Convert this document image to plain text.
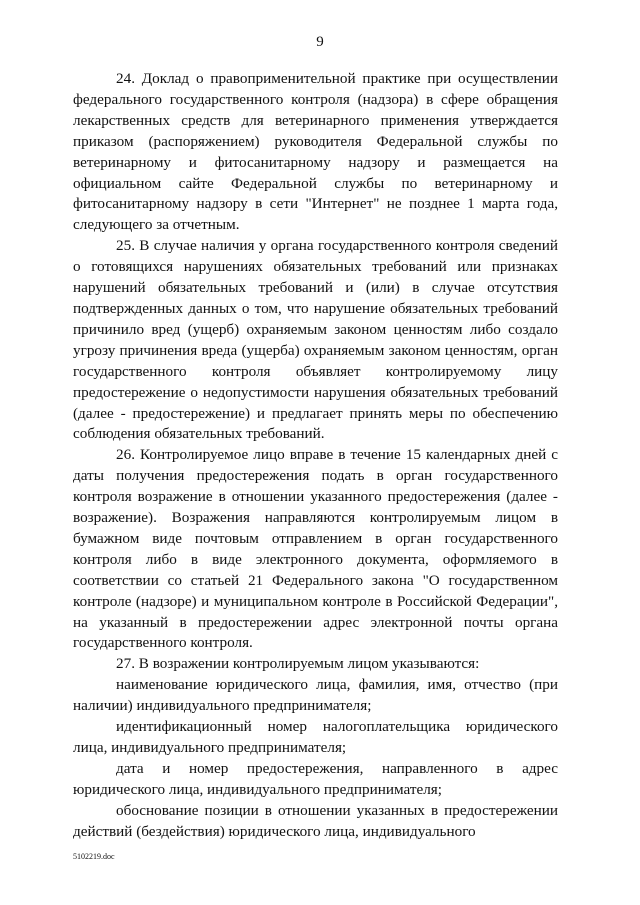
9

24. Доклад о правоприменительной практике при осуществлении федерального государственного контроля (надзора) в сфере обращения лекарственных средств для ветеринарного применения утверждается приказом (распоряжением) руководителя Федеральной службы по ветеринарному и фитосанитарному надзору и размещается на официальном сайте Федеральной службы по ветеринарному и фитосанитарному надзору в сети "Интернет" не позднее 1 марта года, следующего за отчетным.

25. В случае наличия у органа государственного контроля сведений о готовящихся нарушениях обязательных требований или признаках нарушений обязательных требований и (или) в случае отсутствия подтвержденных данных о том, что нарушение обязательных требований причинило вред (ущерб) охраняемым законом ценностям либо создало угрозу причинения вреда (ущерба) охраняемым законом ценностям, орган государственного контроля объявляет контролируемому лицу предостережение о недопустимости нарушения обязательных требований (далее - предостережение) и предлагает принять меры по обеспечению соблюдения обязательных требований.

26. Контролируемое лицо вправе в течение 15 календарных дней с даты получения предостережения подать в орган государственного контроля возражение в отношении указанного предостережения (далее - возражение). Возражения направляются контролируемым лицом в бумажном виде почтовым отправлением в орган государственного контроля либо в виде электронного документа, оформляемого в соответствии со статьей 21 Федерального закона "О государственном контроле (надзоре) и муниципальном контроле в Российской Федерации", на указанный в предостережении адрес электронной почты органа государственного контроля.

27. В возражении контролируемым лицом указываются:

наименование юридического лица, фамилия, имя, отчество (при наличии) индивидуального предпринимателя;

идентификационный номер налогоплательщика юридического лица, индивидуального предпринимателя;

дата и номер предостережения, направленного в адрес юридического лица, индивидуального предпринимателя;

обоснование позиции в отношении указанных в предостережении действий (бездействия) юридического лица, индивидуального

5102219.doc
